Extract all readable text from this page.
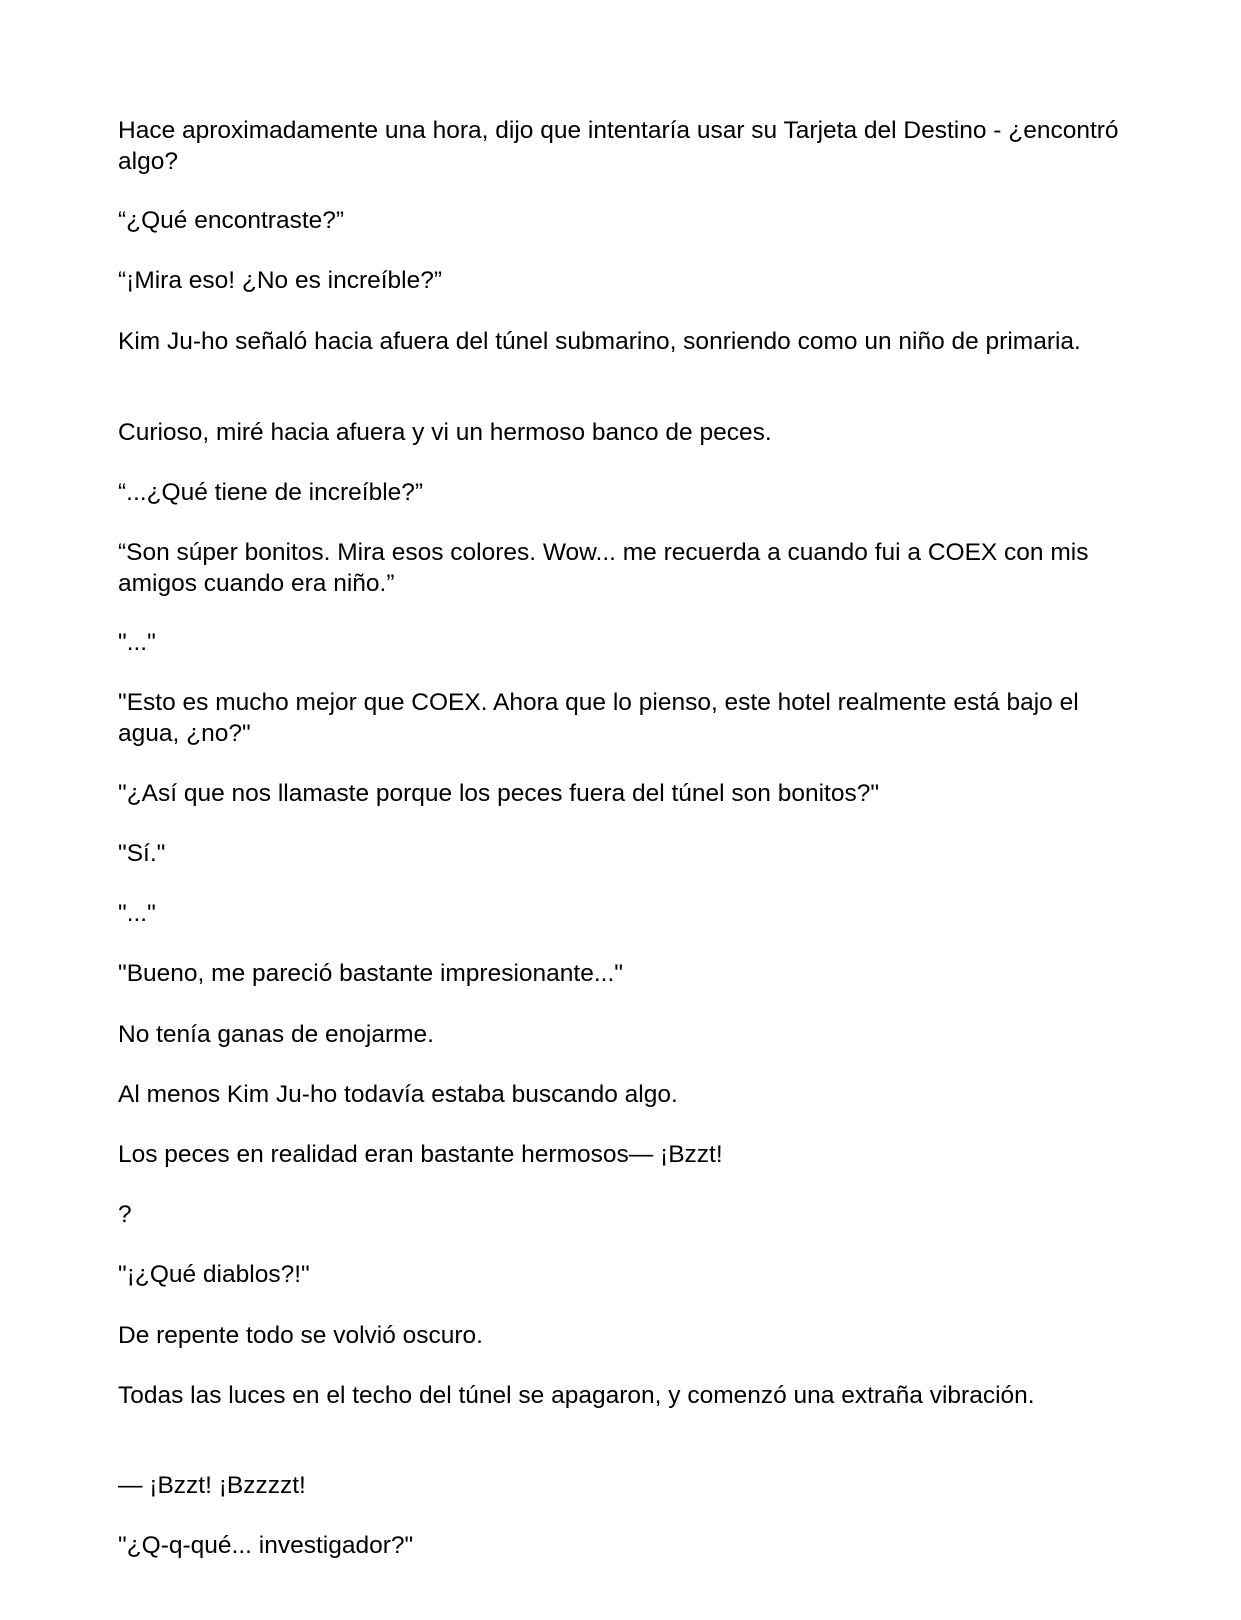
Hace aproximadamente una hora, dijo que intentaría usar su Tarjeta del Destino - ¿encontró algo?

“¿Qué encontraste?”

“¡Mira eso! ¿No es increíble?”

Kim Ju-ho señaló hacia afuera del túnel submarino, sonriendo como un niño de primaria.

Curioso, miré hacia afuera y vi un hermoso banco de peces.

“...¿Qué tiene de increíble?”

“Son súper bonitos. Mira esos colores. Wow... me recuerda a cuando fui a COEX con mis amigos cuando era niño.”

"..."

"Esto es mucho mejor que COEX. Ahora que lo pienso, este hotel realmente está bajo el agua, ¿no?"

"¿Así que nos llamaste porque los peces fuera del túnel son bonitos?"

"Sí."

"..."

"Bueno, me pareció bastante impresionante..."

No tenía ganas de enojarme.

Al menos Kim Ju-ho todavía estaba buscando algo.

Los peces en realidad eran bastante hermosos— ¡Bzzt!

?

"¡¿Qué diablos?!"

De repente todo se volvió oscuro.

Todas las luces en el techo del túnel se apagaron, y comenzó una extraña vibración.

— ¡Bzzt! ¡Bzzzzt!

"¿Q-q-qué... investigador?"
